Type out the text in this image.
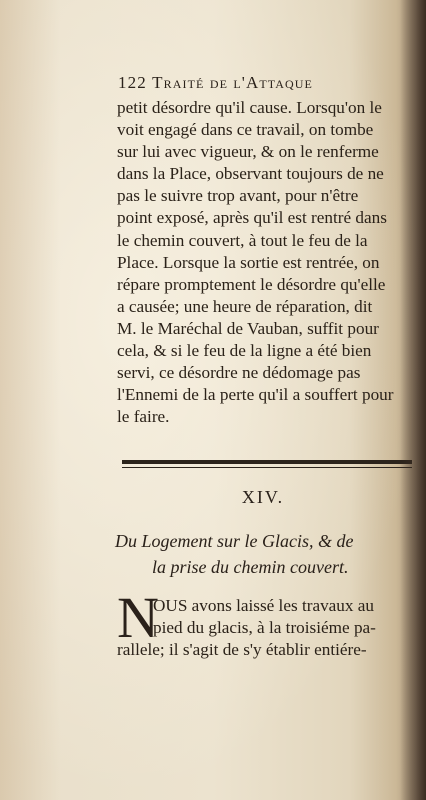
122 Traité de l'Attaque
petit désordre qu'il cause. Lorsqu'on le
voit engagé dans ce travail, on tombe
sur lui avec vigueur, & on le renferme
dans la Place, observant toujours de ne
pas le suivre trop avant, pour n'être
point exposé, après qu'il est rentré dans
le chemin couvert, à tout le feu de la
Place. Lorsque la sortie est rentrée, on
répare promptement le désordre qu'elle
a causée; une heure de réparation, dit
M. le Maréchal de Vauban, suffit pour
cela, & si le feu de la ligne a été bien
servi, ce désordre ne dédomage pas
l'Ennemi de la perte qu'il a souffert pour
le faire.
XIV.
Du Logement sur le Glacis, & de
la prise du chemin couvert.
N
OUS avons laissé les travaux au
pied du glacis, à la troisiéme pa-
rallele; il s'agit de s'y établir entiére-
